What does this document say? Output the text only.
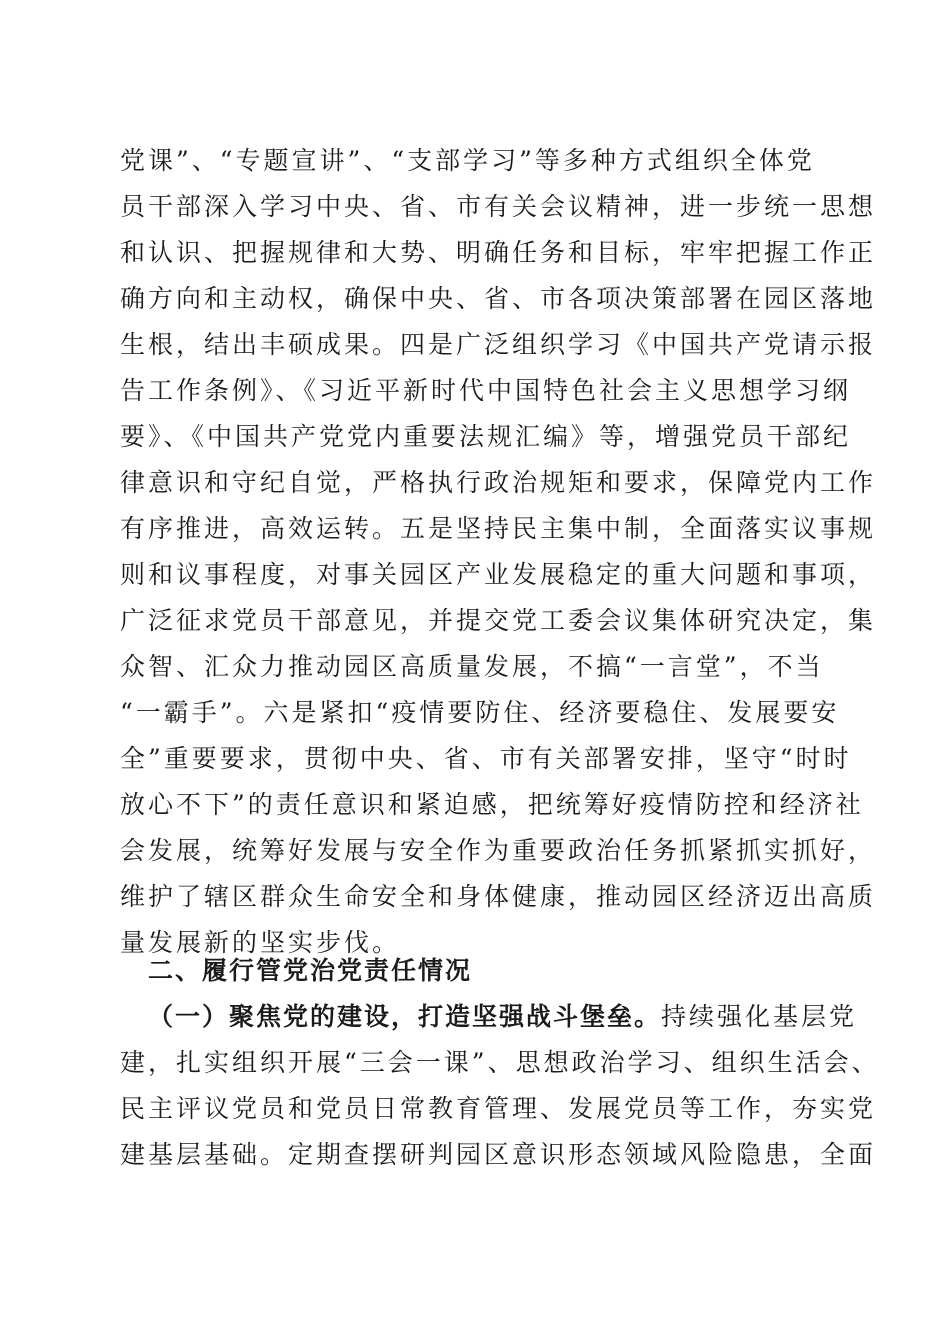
党课”、“专题宣讲”、“支部学习”等多种方式组织全体党
员干部深入学习中央、省、市有关会议精神，进一步统一思想
和认识、把握规律和大势、明确任务和目标，牢牢把握工作正
确方向和主动权，确保中央、省、市各项决策部署在园区落地
生根，结出丰硕成果。四是广泛组织学习《中国共产党请示报
告工作条例》、《习近平新时代中国特色社会主义思想学习纲
要》、《中国共产党党内重要法规汇编》等，增强党员干部纪
律意识和守纪自觉，严格执行政治规矩和要求，保障党内工作
有序推进，高效运转。五是坚持民主集中制，全面落实议事规
则和议事程度，对事关园区产业发展稳定的重大问题和事项，
广泛征求党员干部意见，并提交党工委会议集体研究决定，集
众智、汇众力推动园区高质量发展，不搞“一言堂”，不当
“一霸手”。六是紧扣“疫情要防住、经济要稳住、发展要安
全”重要要求，贯彻中央、省、市有关部署安排，坚守“时时
放心不下”的责任意识和紧迫感，把统筹好疫情防控和经济社
会发展，统筹好发展与安全作为重要政治任务抓紧抓实抓好，
维护了辖区群众生命安全和身体健康，推动园区经济迈出高质
量发展新的坚实步伐。
二、履行管党治党责任情况
（一）聚焦党的建设，打造坚强战斗堡垒。持续强化基层党
建，扎实组织开展“三会一课”、思想政治学习、组织生活会、
民主评议党员和党员日常教育管理、发展党员等工作，夯实党
建基层基础。定期查摆研判园区意识形态领域风险隐患，全面
